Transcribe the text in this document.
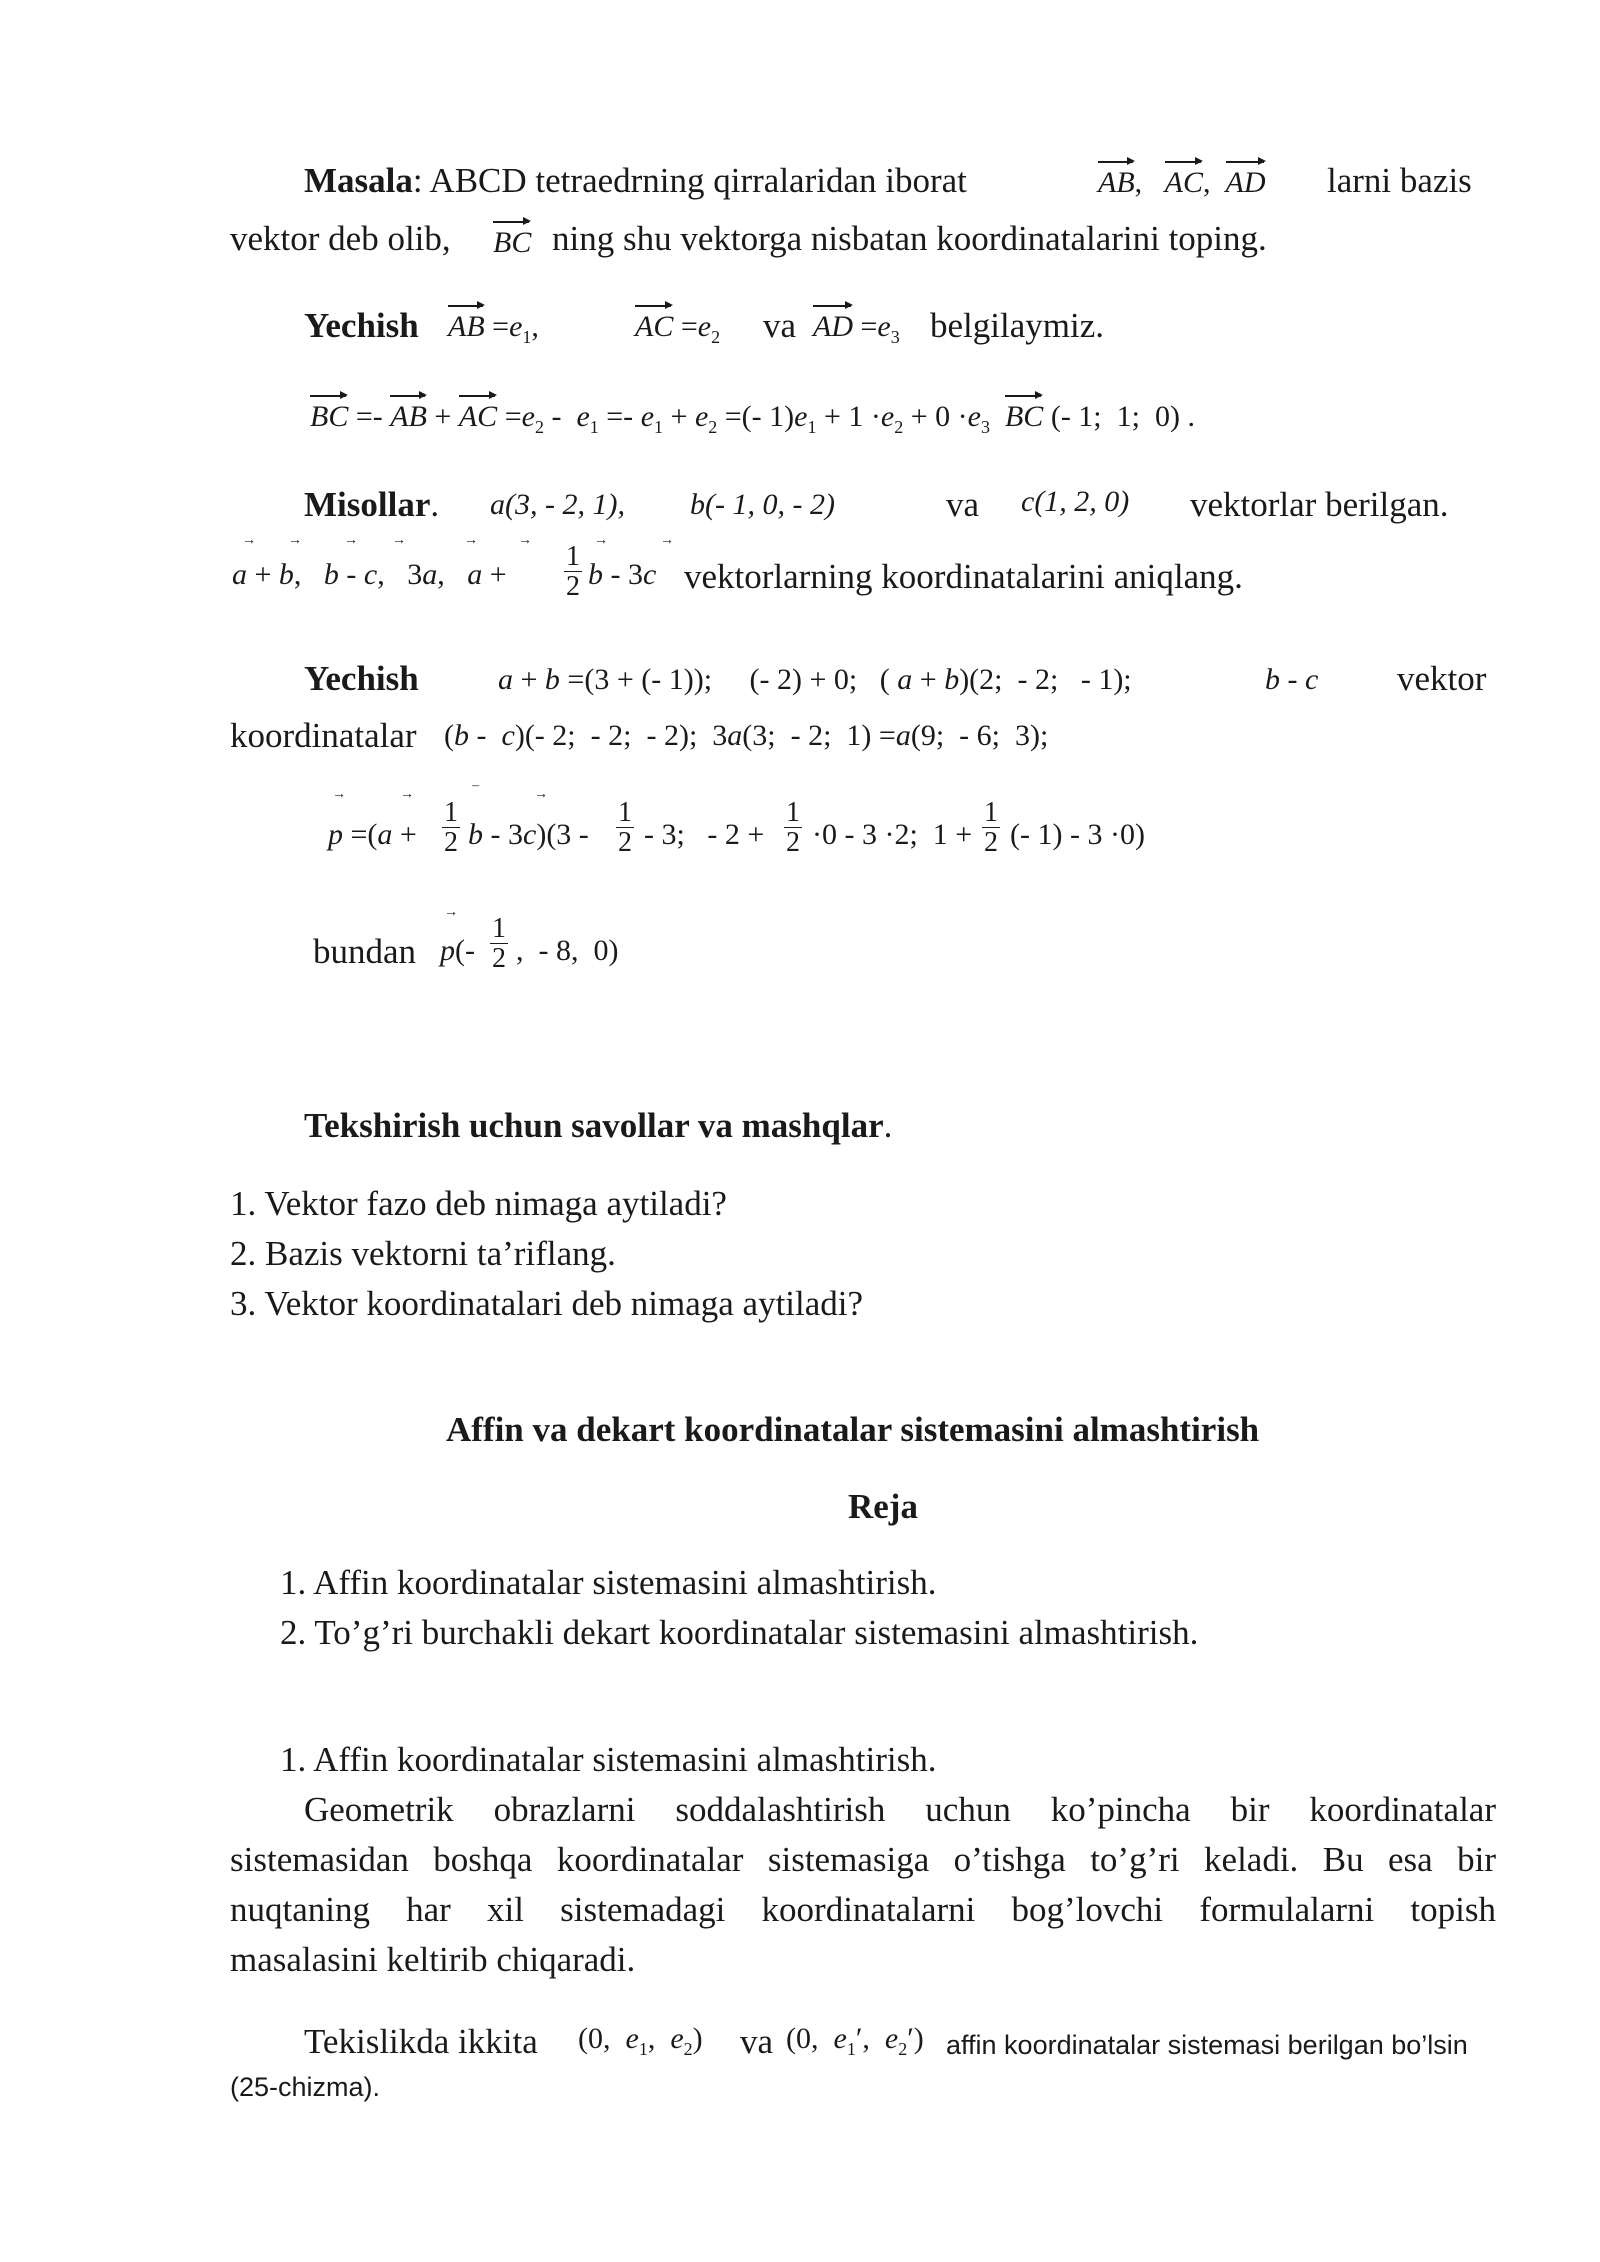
Masala: ABCD tetraedrning qirralaridan iborat	AB,   AC,  AD larni bazis
vektor deb olib, BC ning shu vektorga nisbatan koordinatalarini toping.
Yechish AB $=e_1$,	AC $=e_2$ va AD $=e_3$ belgilaymiz.
BC =- AB + AC $=e_2 - e_1 =- e_1 + e_2$ =(- $1)e_1 + 1 \cdot e_2 + 0 \cdot e_3$ BC (- 1;  1;  0) .
Misollar. a(3, - 2, 1), b(- 1, 0, - 2)	va c(1, 2, 0) vektorlar berilgan.
→ →	→ →	→	→	→	→
a + b,   b - c,   3a,   $a + \frac{1}{2}$ b - 3c vektorlarning koordinatalarini aniqlang.
Yechish	a + b =(3 + (- 1));     (- 2) + 0;   ( a + b)(2;  - 2;   - 1);	b - c vektor
koordinatalar (b -  c)(- 2;  - 2;  - 2);  3a(3;  - 2;  1) =a(9;  - 6;  3);
→	→	¯	→
$p =(a + \frac{1}{2}$ b - $3c)(3 - \frac{1}{2} - 3$;   - $2 + \frac{1}{2} \cdot 0 - 3 \cdot 2$;  $1 + \frac{1}{2}$ (- 1) - 3 ·0)
bundan
→
$p(- \frac{1}{2}$ ,  - 8,  0)
Tekshirish uchun savollar va mashqlar.
1. Vektor fazo deb nimaga aytiladi?
2. Bazis vektorni ta’riflang.
3. Vektor koordinatalari deb nimaga aytiladi?
Affin va dekart koordinatalar sistemasini almashtirish
Reja
1. Affin koordinatalar sistemasini almashtirish.
2. To’g’ri burchakli dekart koordinatalar sistemasini almashtirish.
1. Affin koordinatalar sistemasini almashtirish.
Geometrik obrazlarni soddalashtirish uchun ko’pincha bir koordinatalar
sistemasidan boshqa koordinatalar sistemasiga o’tishga to’g’ri keladi. Bu esa bir
nuqtaning har xil sistemadagi koordinatalarni bog’lovchi formulalarni topish
masalasini keltirib chiqaradi.
Tekislikda ikkita (0,  $e_1$,  $e_2$) va (0,  $e_1'$,  $e_2'$) affin koordinatalar sistemasi berilgan bo’lsin
(25-chizma).
